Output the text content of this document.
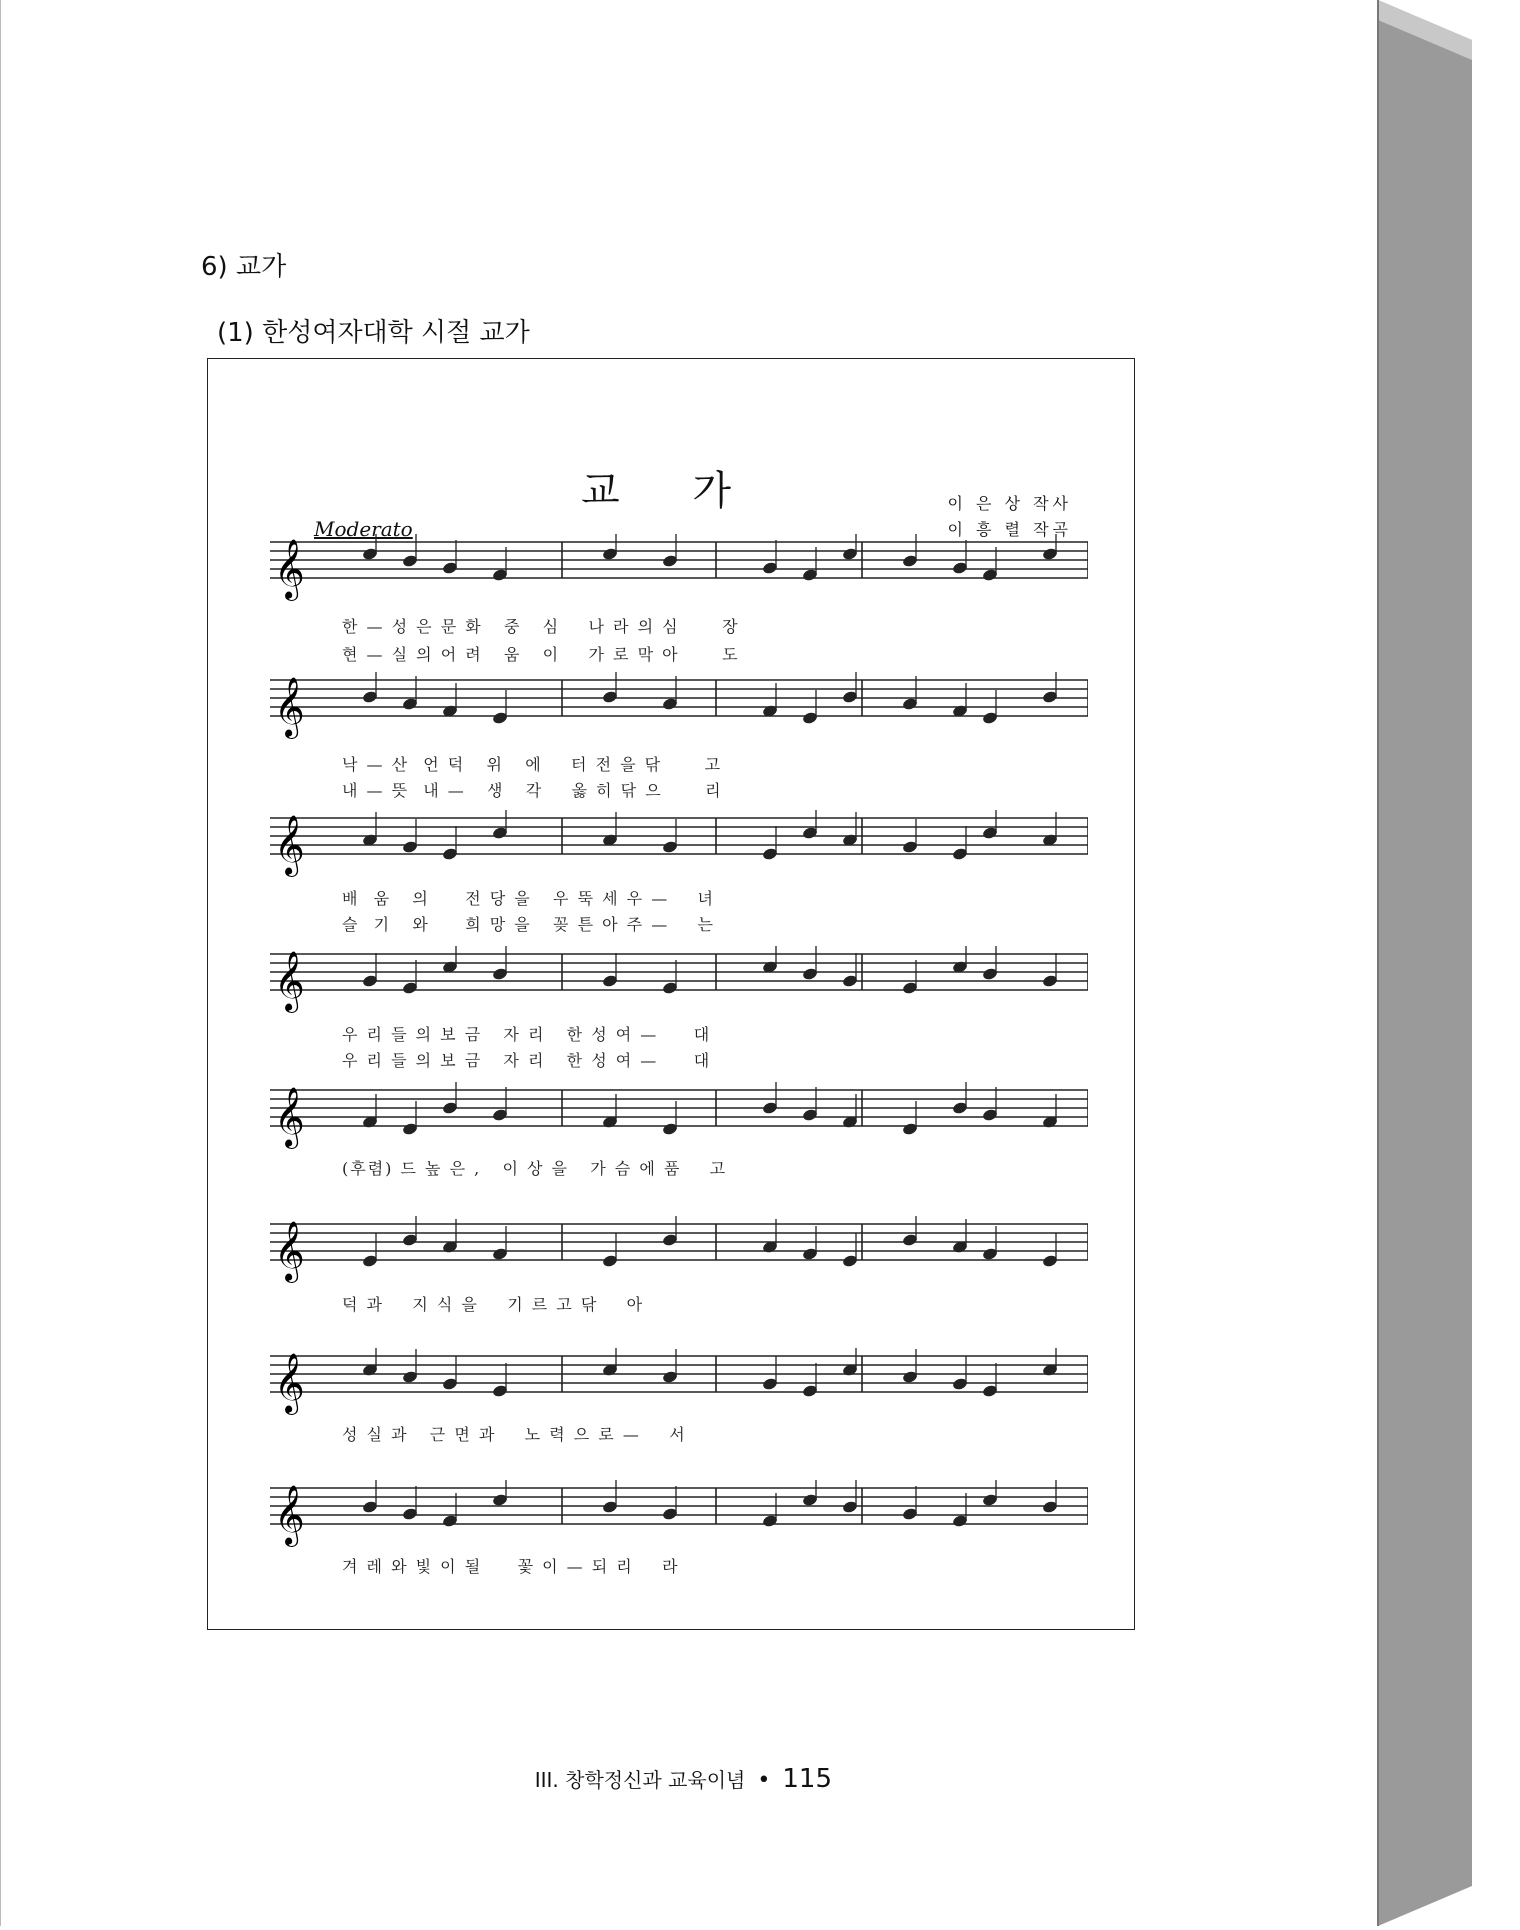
6) 교가
(1) 한성여자대학 시절 교가
교 가	이 은 상 작사
이 흥 렬 작곡
Moderato
𝄞
한 — 성 은 문 화   중   심    나 라 의 심      장
현 — 실 의 어 려   움   이    가 로 막 아      도
𝄞
낙 — 산  언 덕   위   에    터 전 을 닦      고
내 — 뜻  내 —   생   각    옳 히 닦 으      리
𝄞
배  움   의     전 당 을   우 뚝 세 우 —    녀
슬  기   와     희 망 을   꽂 튼 아 주 —    는
𝄞
우 리 들 의 보 금   자 리   한 성 여 —     대
우 리 들 의 보 금   자 리   한 성 여 —     대
𝄞
(후렴) 드 높 은 ,   이 상 을   가 슴 에 품    고
𝄞
덕 과    지 식 을    기 르 고 닦    아
𝄞
성 실 과   근 면 과    노 력 으 로 —    서
𝄞
겨 레 와 빛 이 될     꽃 이 — 되 리    라
III. 창학정신과 교육이념 • 115
